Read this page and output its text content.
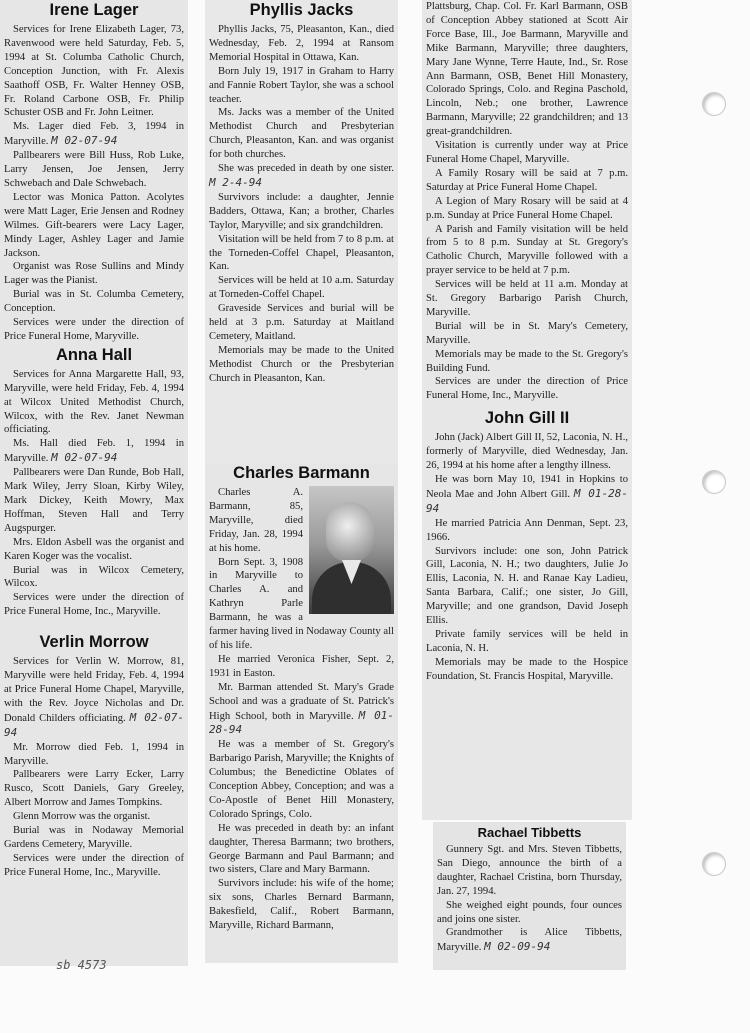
Irene Lager

Services for Irene Elizabeth Lager, 73, Ravenwood were held Saturday, Feb. 5, 1994 at St. Columba Catholic Church, Conception Junction, with Fr. Alexis Saathoff OSB, Fr. Walter Henney OSB, Fr. Roland Carbone OSB, Fr. Philip Schuster OSB and Fr. John Leitner.

Ms. Lager died Feb. 3, 1994 in Maryville. M 02-07-94

Pallbearers were Bill Huss, Rob Luke, Larry Jensen, Joe Jensen, Jerry Schwebach and Dale Schwebach.

Lector was Monica Patton. Acolytes were Matt Lager, Erie Jensen and Rodney Wilmes. Gift-bearers were Lacy Lager, Mindy Lager, Ashley Lager and Jamie Jackson.

Organist was Rose Sullins and Mindy Lager was the Pianist.

Burial was in St. Columba Cemetery, Conception.

Services were under the direction of Price Funeral Home, Maryville.

Anna Hall

Services for Anna Margarette Hall, 93, Maryville, were held Friday, Feb. 4, 1994 at Wilcox United Methodist Church, Wilcox, with the Rev. Janet Newman officiating.

Ms. Hall died Feb. 1, 1994 in Maryville. M 02-07-94

Pallbearers were Dan Runde, Bob Hall, Mark Wiley, Jerry Sloan, Kirby Wiley, Mark Dickey, Keith Mowry, Max Hoffman, Steven Hall and Terry Augspurger.

Mrs. Eldon Asbell was the organist and Karen Koger was the vocalist.

Burial was in Wilcox Cemetery, Wilcox.

Services were under the direction of Price Funeral Home, Inc., Maryville.

Verlin Morrow

Services for Verlin W. Morrow, 81, Maryville were held Friday, Feb. 4, 1994 at Price Funeral Home Chapel, Maryville, with the Rev. Joyce Nicholas and Dr. Donald Childers officiating. M 02-07-94

Mr. Morrow died Feb. 1, 1994 in Maryville.

Pallbearers were Larry Ecker, Larry Rusco, Scott Daniels, Gary Greeley, Albert Morrow and James Tompkins.

Glenn Morrow was the organist.

Burial was in Nodaway Memorial Gardens Cemetery, Maryville.

Services were under the direction of Price Funeral Home, Inc., Maryville.

Phyllis Jacks

Phyllis Jacks, 75, Pleasanton, Kan., died Wednesday, Feb. 2, 1994 at Ransom Memorial Hospital in Ottawa, Kan.

Born July 19, 1917 in Graham to Harry and Fannie Robert Taylor, she was a school teacher.

Ms. Jacks was a member of the United Methodist Church and Presbyterian Church, Pleasanton, Kan. and was organist for both churches.

She was preceded in death by one sister. M 2-4-94

Survivors include: a daughter, Jennie Badders, Ottawa, Kan; a brother, Charles Taylor, Maryville; and six grandchildren.

Visitation will be held from 7 to 8 p.m. at the Torneden-Coffel Chapel, Pleasanton, Kan.

Services will be held at 10 a.m. Saturday at Torneden-Coffel Chapel.

Graveside Services and burial will be held at 3 p.m. Saturday at Maitland Cemetery, Maitland.

Memorials may be made to the United Methodist Church or the Presbyterian Church in Pleasanton, Kan.

Charles Barmann

Charles A. Barmann, 85, Maryville, died Friday, Jan. 28, 1994 at his home.

Born Sept. 3, 1908 in Maryville to Charles A. and Kathryn Parle Barmann, he was a farmer having lived in Nodaway County all of his life.

He married Veronica Fisher, Sept. 2, 1931 in Easton.

Mr. Barman attended St. Mary's Grade School and was a graduate of St. Patrick's High School, both in Maryville. M 01-28-94

He was a member of St. Gregory's Barbarigo Parish, Maryville; the Knights of Columbus; the Benedictine Oblates of Conception Abbey, Conception; and was a Co-Apostle of Benet Hill Monastery, Colorado Springs, Colo.

He was preceded in death by: an infant daughter, Theresa Barmann; two brothers, George Barmann and Paul Barmann; and two sisters, Clare and Mary Barmann.

Survivors include: his wife of the home; six sons, Charles Bernard Barmann, Bakesfield, Calif., Robert Barmann, Maryville, Richard Barmann,

Plattsburg, Chap. Col. Fr. Karl Barmann, OSB of Conception Abbey stationed at Scott Air Force Base, Ill., Joe Barmann, Maryville and Mike Barmann, Maryville; three daughters, Mary Jane Wynne, Terre Haute, Ind., Sr. Rose Ann Barmann, OSB, Benet Hill Monastery, Colorado Springs, Colo. and Regina Paschold, Lincoln, Neb.; one brother, Lawrence Barmann, Maryville; 22 grandchildren; and 13 great-grandchildren.

Visitation is currently under way at Price Funeral Home Chapel, Maryville.

A Family Rosary will be said at 7 p.m. Saturday at Price Funeral Home Chapel.

A Legion of Mary Rosary will be said at 4 p.m. Sunday at Price Funeral Home Chapel.

A Parish and Family visitation will be held from 5 to 8 p.m. Sunday at St. Gregory's Catholic Church, Maryville followed with a prayer service to be held at 7 p.m.

Services will be held at 11 a.m. Monday at St. Gregory Barbarigo Parish Church, Maryville.

Burial will be in St. Mary's Cemetery, Maryville.

Memorials may be made to the St. Gregory's Building Fund.

Services are under the direction of Price Funeral Home, Inc., Maryville.

John Gill II

John (Jack) Albert Gill II, 52, Laconia, N. H., formerly of Maryville, died Wednesday, Jan. 26, 1994 at his home after a lengthy illness.

He was born May 10, 1941 in Hopkins to Neola Mae and John Albert Gill. M 01-28-94

He married Patricia Ann Denman, Sept. 23, 1966.

Survivors include: one son, John Patrick Gill, Laconia, N. H.; two daughters, Julie Jo Ellis, Laconia, N. H. and Ranae Kay Ladieu, Santa Barbara, Calif.; one sister, Jo Gill, Maryville; and one grandson, David Joseph Ellis.

Private family services will be held in Laconia, N. H.

Memorials may be made to the Hospice Foundation, St. Francis Hospital, Maryville.

Rachael Tibbetts

Gunnery Sgt. and Mrs. Steven Tibbetts, San Diego, announce the birth of a daughter, Rachael Cristina, born Thursday, Jan. 27, 1994.

She weighed eight pounds, four ounces and joins one sister.

Grandmother is Alice Tibbetts, Maryville. M 02-09-94

sb 4573
